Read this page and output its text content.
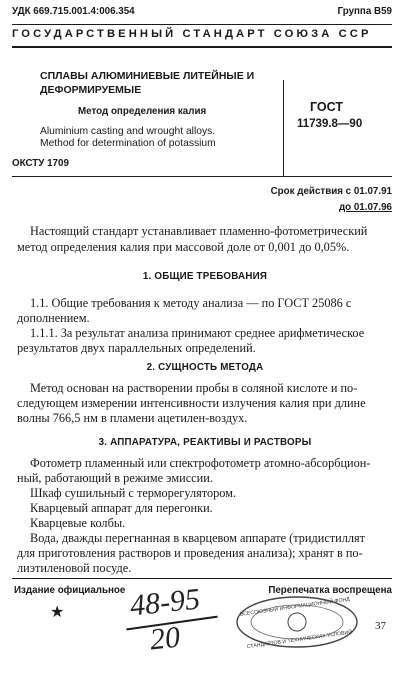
УДК 669.715.001.4:006.354	Группа В59
ГОСУДАРСТВЕННЫЙ СТАНДАРТ СОЮЗА ССР
СПЛАВЫ АЛЮМИНИЕВЫЕ ЛИТЕЙНЫЕ И
ДЕФОРМИРУЕМЫЕ
Метод определения калия
Aluminium casting and wrought alloys.
Method for determination of potassium
ГОСТ
11739.8—90
ОКСТУ 1709
Срок действия с 01.07.91
до 01.07.96
Настоящий стандарт устанавливает пламенно-фотометрический
метод определения калия при массовой доле от 0,001 до 0,05%.
1. ОБЩИЕ ТРЕБОВАНИЯ
1.1. Общие требования к методу анализа — по ГОСТ 25086 с
дополнением.
1.1.1. За результат анализа принимают среднее арифметическое
результатов двух параллельных определений.
2. СУЩНОСТЬ МЕТОДА
Метод основан на растворении пробы в соляной кислоте и по-
следующем измерении интенсивности излучения калия при длине
волны 766,5 нм в пламени ацетилен-воздух.
3. АППАРАТУРА, РЕАКТИВЫ И РАСТВОРЫ
Фотометр пламенный или спектрофотометр атомно-абсорбцион-
ный, работающий в режиме эмиссии.
Шкаф сушильный с терморегулятором.
Кварцевый аппарат для перегонки.
Кварцевые колбы.
Вода, дважды перегнанная в кварцевом аппарате (тридистиллят
для приготовления растворов и проведения анализа); хранят в по-
лиэтиленовой посуде.
Издание официальное	Перепечатка воспрещена
★ 48-95
20
ВСЕСОЮЗНЫЙ ИНФОРМАЦИОННЫЙ ФОНД
СТАНДАРТОВ И ТЕХНИЧЕСКИХ УСЛОВИЙ
37
